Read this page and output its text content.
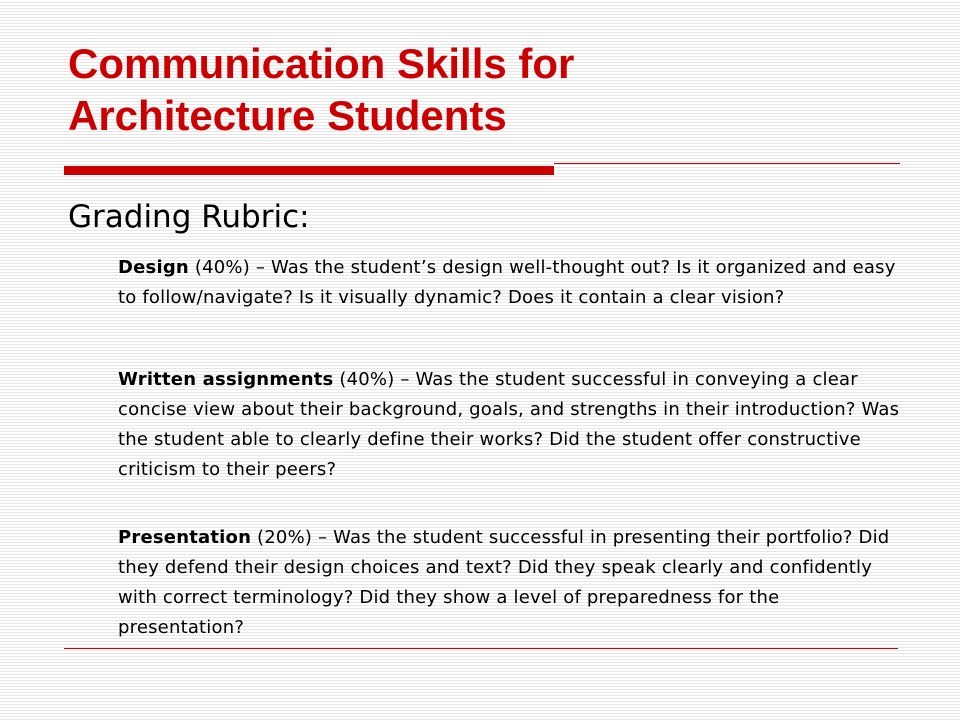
Communication Skills for
Architecture Students
Grading Rubric:

Design (40%) – Was the student’s design well-thought out? Is it organized and easy to follow/navigate? Is it visually dynamic? Does it contain a clear vision?

Written assignments (40%) – Was the student successful in conveying a clear concise view about their background, goals, and strengths in their introduction? Was the student able to clearly define their works? Did the student offer constructive criticism to their peers?

Presentation (20%) – Was the student successful in presenting their portfolio? Did they defend their design choices and text? Did they speak clearly and confidently with correct terminology? Did they show a level of preparedness for the presentation?
